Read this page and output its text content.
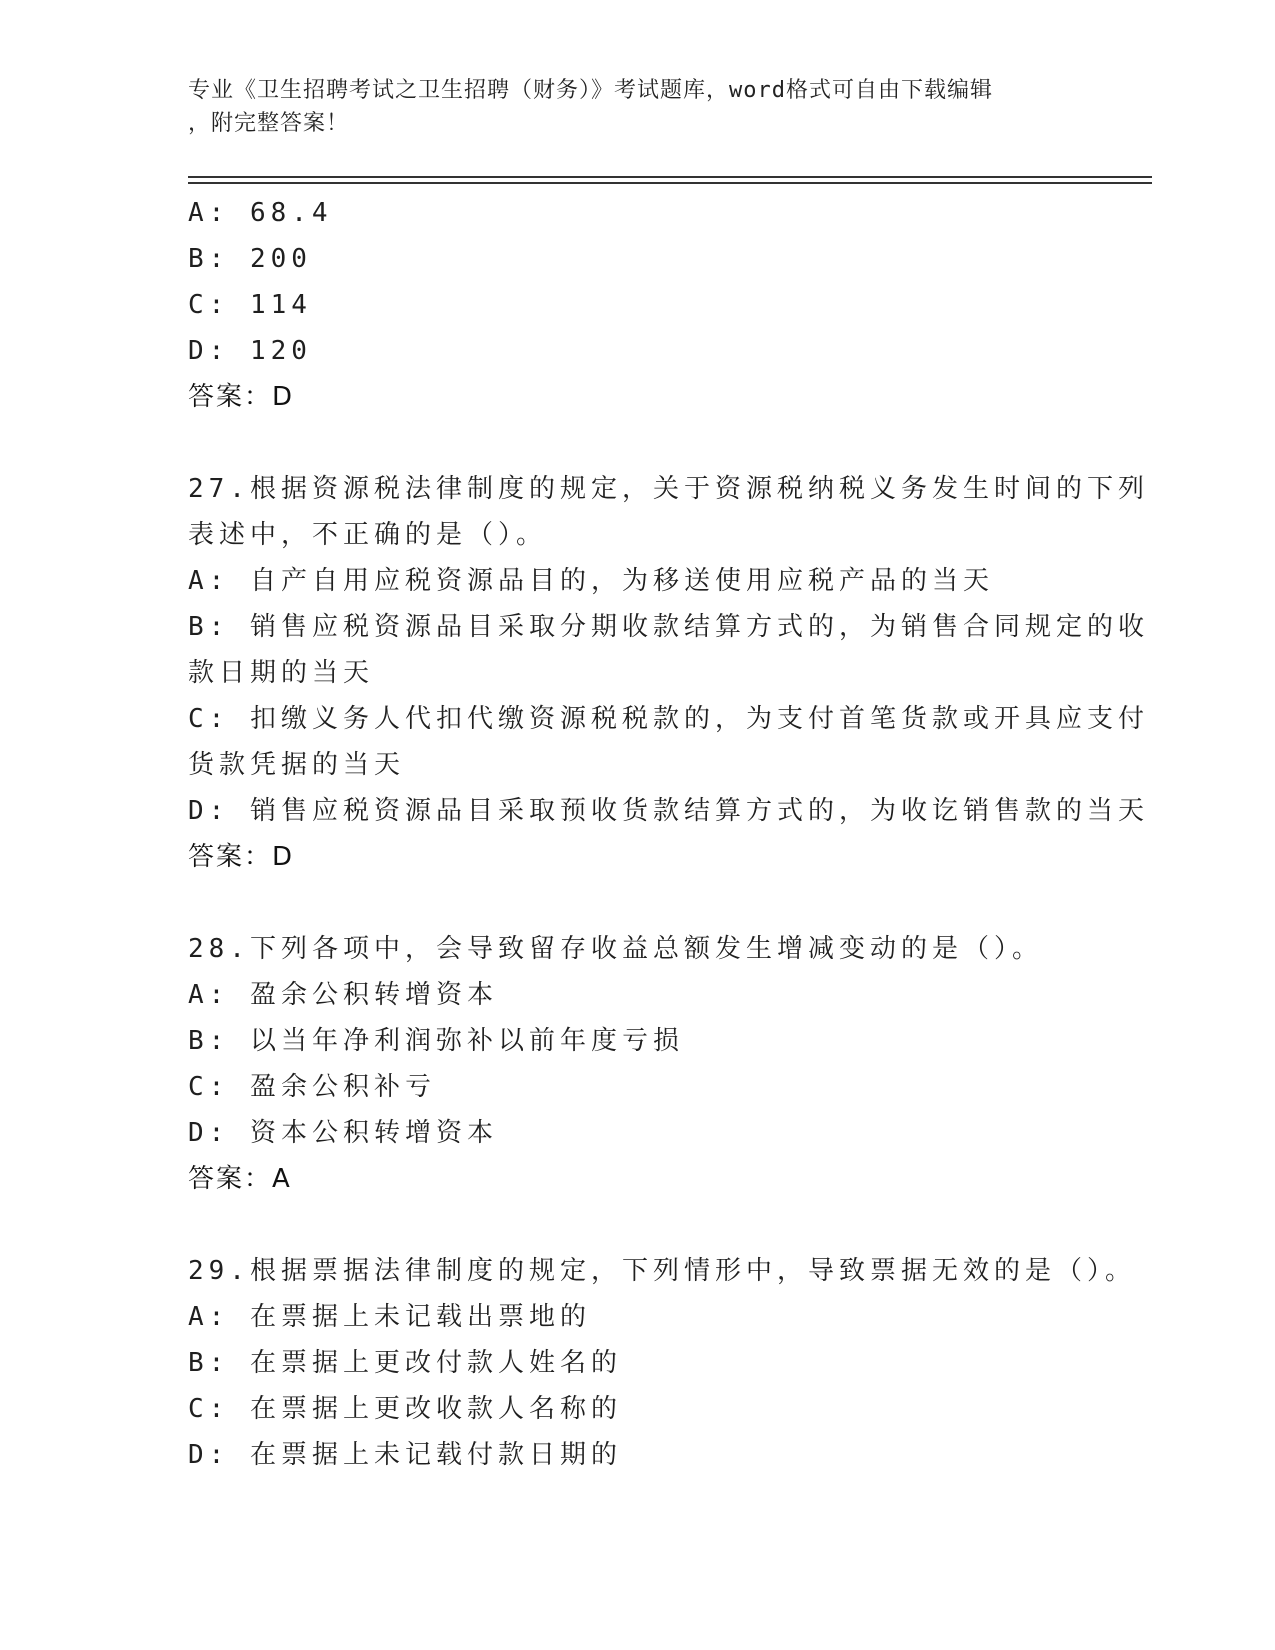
专业《卫生招聘考试之卫生招聘（财务）》考试题库，word格式可自由下载编辑
，附完整答案！
A: 68.4
B: 200
C: 114
D: 120
答案：D
27.根据资源税法律制度的规定，关于资源税纳税义务发生时间的下列
表述中，不正确的是（）。
A: 自产自用应税资源品目的，为移送使用应税产品的当天
B: 销售应税资源品目采取分期收款结算方式的，为销售合同规定的收
款日期的当天
C: 扣缴义务人代扣代缴资源税税款的，为支付首笔货款或开具应支付
货款凭据的当天
D: 销售应税资源品目采取预收货款结算方式的，为收讫销售款的当天
答案：D
28.下列各项中，会导致留存收益总额发生增减变动的是（）。
A: 盈余公积转增资本
B: 以当年净利润弥补以前年度亏损
C: 盈余公积补亏
D: 资本公积转增资本
答案：A
29.根据票据法律制度的规定，下列情形中，导致票据无效的是（）。
A: 在票据上未记载出票地的
B: 在票据上更改付款人姓名的
C: 在票据上更改收款人名称的
D: 在票据上未记载付款日期的
